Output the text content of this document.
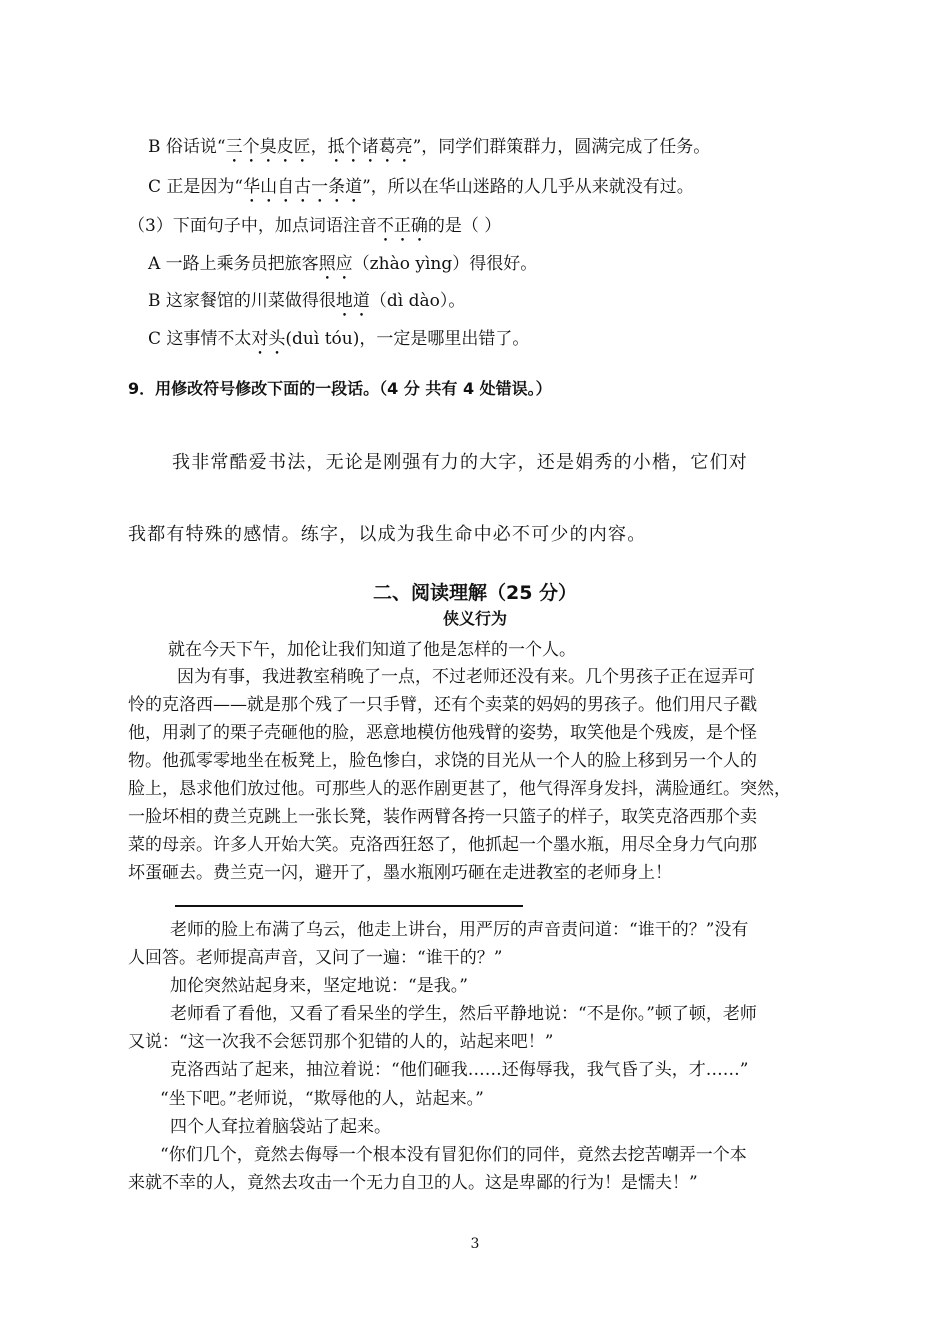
B 俗话说“三个臭皮匠，抵个诸葛亮”，同学们群策群力，圆满完成了任务。
C 正是因为“华山自古一条道”，所以在华山迷路的人几乎从来就没有过。
（3）下面句子中，加点词语注音不正确的是（ ）
A 一路上乘务员把旅客照应（zhào yìng）得很好。
B 这家餐馆的川菜做得很地道（dì dào）。
C 这事情不太对头(duì tóu)，一定是哪里出错了。
9．用修改符号修改下面的一段话。（4 分 共有 4 处错误。）
我非常酷爱书法，无论是刚强有力的大字，还是娟秀的小楷，它们对
我都有特殊的感情。练字，以成为我生命中必不可少的内容。
二、阅读理解（25 分）
侠义行为
就在今天下午，加伦让我们知道了他是怎样的一个人。
因为有事，我进教室稍晚了一点，不过老师还没有来。几个男孩子正在逗弄可
怜的克洛西——就是那个残了一只手臂，还有个卖菜的妈妈的男孩子。他们用尺子戳
他，用剥了的栗子壳砸他的脸，恶意地模仿他残臂的姿势，取笑他是个残废，是个怪
物。他孤零零地坐在板凳上，脸色惨白，求饶的目光从一个人的脸上移到另一个人的
脸上，恳求他们放过他。可那些人的恶作剧更甚了，他气得浑身发抖，满脸通红。突然，
一脸坏相的费兰克跳上一张长凳，装作两臂各挎一只篮子的样子，取笑克洛西那个卖
菜的母亲。许多人开始大笑。克洛西狂怒了，他抓起一个墨水瓶，用尽全身力气向那
坏蛋砸去。费兰克一闪，避开了，墨水瓶刚巧砸在走进教室的老师身上！
老师的脸上布满了乌云，他走上讲台，用严厉的声音责问道：“谁干的？”没有
人回答。老师提高声音，又问了一遍：“谁干的？”
加伦突然站起身来，坚定地说：“是我。”
老师看了看他，又看了看呆坐的学生，然后平静地说：“不是你。”顿了顿，老师
又说：“这一次我不会惩罚那个犯错的人的，站起来吧！”
克洛西站了起来，抽泣着说：“他们砸我……还侮辱我，我气昏了头，才……”
“坐下吧。”老师说，“欺辱他的人，站起来。”
四个人耷拉着脑袋站了起来。
“你们几个，竟然去侮辱一个根本没有冒犯你们的同伴，竟然去挖苦嘲弄一个本
来就不幸的人，竟然去攻击一个无力自卫的人。这是卑鄙的行为！是懦夫！”
3
